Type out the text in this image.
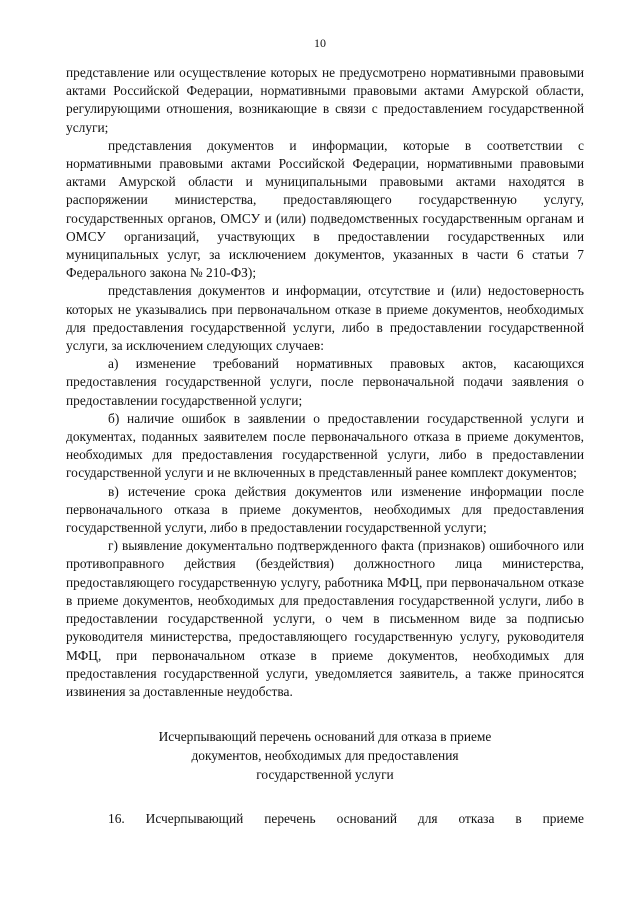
10

представление или осуществление которых не предусмотрено нормативными правовыми актами Российской Федерации, нормативными правовыми актами Амурской области, регулирующими отношения, возникающие в связи с предоставлением государственной услуги;

представления документов и информации, которые в соответствии с нормативными правовыми актами Российской Федерации, нормативными правовыми актами Амурской области и муниципальными правовыми актами находятся в распоряжении министерства, предоставляющего государственную услугу, государственных органов, ОМСУ и (или) подведомственных государственным органам и ОМСУ организаций, участвующих в предоставлении государственных или муниципальных услуг, за исключением документов, указанных в части 6 статьи 7 Федерального закона № 210-ФЗ);

представления документов и информации, отсутствие и (или) недостоверность которых не указывались при первоначальном отказе в приеме документов, необходимых для предоставления государственной услуги, либо в предоставлении государственной услуги, за исключением следующих случаев:

а) изменение требований нормативных правовых актов, касающихся предоставления государственной услуги, после первоначальной подачи заявления о предоставлении государственной услуги;

б) наличие ошибок в заявлении о предоставлении государственной услуги и документах, поданных заявителем после первоначального отказа в приеме документов, необходимых для предоставления государственной услуги, либо в предоставлении государственной услуги и не включенных в представленный ранее комплект документов;

в) истечение срока действия документов или изменение информации после первоначального отказа в приеме документов, необходимых для предоставления государственной услуги, либо в предоставлении государственной услуги;

г) выявление документально подтвержденного факта (признаков) ошибочного или противоправного действия (бездействия) должностного лица министерства, предоставляющего государственную услугу, работника МФЦ, при первоначальном отказе в приеме документов, необходимых для предоставления государственной услуги, либо в предоставлении государственной услуги, о чем в письменном виде за подписью руководителя министерства, предоставляющего государственную услугу, руководителя МФЦ, при первоначальном отказе в приеме документов, необходимых для предоставления государственной услуги, уведомляется заявитель, а также приносятся извинения за доставленные неудобства.

Исчерпывающий перечень оснований для отказа в приеме
документов, необходимых для предоставления
государственной услуги

16. Исчерпывающий перечень оснований для отказа в приеме
